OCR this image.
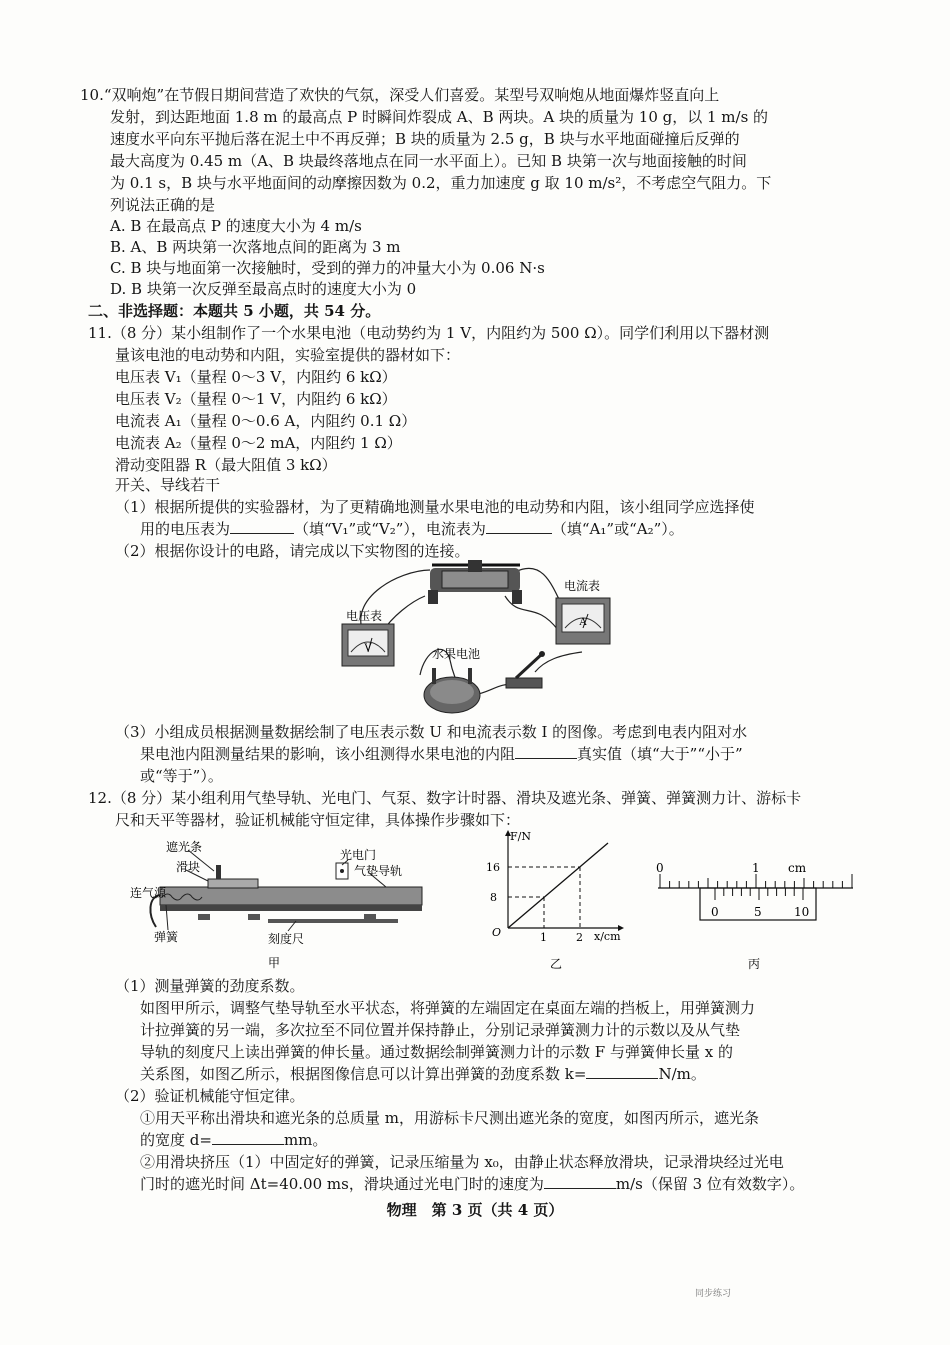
10.“双响炮”在节假日期间营造了欢快的气氛，深受人们喜爱。某型号双响炮从地面爆炸竖直向上
发射，到达距地面 1.8 m 的最高点 P 时瞬间炸裂成 A、B 两块。A 块的质量为 10 g，以 1 m/s 的
速度水平向东平抛后落在泥土中不再反弹；B 块的质量为 2.5 g，B 块与水平地面碰撞后反弹的
最大高度为 0.45 m（A、B 块最终落地点在同一水平面上）。已知 B 块第一次与地面接触的时间
为 0.1 s，B 块与水平地面间的动摩擦因数为 0.2，重力加速度 g 取 10 m/s²，不考虑空气阻力。下
列说法正确的是
A. B 在最高点 P 的速度大小为 4 m/s
B. A、B 两块第一次落地点间的距离为 3 m
C. B 块与地面第一次接触时，受到的弹力的冲量大小为 0.06 N·s
D. B 块第一次反弹至最高点时的速度大小为 0
二、非选择题：本题共 5 小题，共 54 分。
11.（8 分）某小组制作了一个水果电池（电动势约为 1 V，内阻约为 500 Ω）。同学们利用以下器材测
量该电池的电动势和内阻，实验室提供的器材如下：
电压表 V₁（量程 0～3 V，内阻约 6 kΩ）
电压表 V₂（量程 0～1 V，内阻约 6 kΩ）
电流表 A₁（量程 0～0.6 A，内阻约 0.1 Ω）
电流表 A₂（量程 0～2 mA，内阻约 1 Ω）
滑动变阻器 R（最大阻值 3 kΩ）
开关、导线若干
（1）根据所提供的实验器材，为了更精确地测量水果电池的电动势和内阻，该小组同学应选择使
用的电压表为	（填“V₁”或“V₂”），电流表为	（填“A₁”或“A₂”）。
（2）根据你设计的电路，请完成以下实物图的连接。
V
电压表	A
电流表
水果电池
（3）小组成员根据测量数据绘制了电压表示数 U 和电流表示数 I 的图像。考虑到电表内阻对水
果电池内阻测量结果的影响，该小组测得水果电池的内阻	真实值（填“大于”“小于”
或“等于”）。
12.（8 分）某小组利用气垫导轨、光电门、气泵、数字计时器、滑块及遮光条、弹簧、弹簧测力计、游标卡
尺和天平等器材，验证机械能守恒定律，具体操作步骤如下：
遮光条
滑块
光电门
气垫导轨
连气源
弹簧	刻度尺
甲
F/N
x/cm
O
8
16
1	2
乙
0	1 cm
0	5	10
丙
（1）测量弹簧的劲度系数。
如图甲所示，调整气垫导轨至水平状态，将弹簧的左端固定在桌面左端的挡板上，用弹簧测力
计拉弹簧的另一端，多次拉至不同位置并保持静止，分别记录弹簧测力计的示数以及从气垫
导轨的刻度尺上读出弹簧的伸长量。通过数据绘制弹簧测力计的示数 F 与弹簧伸长量 x 的
关系图，如图乙所示，根据图像信息可以计算出弹簧的劲度系数 k=	N/m。
（2）验证机械能守恒定律。
①用天平称出滑块和遮光条的总质量 m，用游标卡尺测出遮光条的宽度，如图丙所示，遮光条
的宽度 d=	mm。
②用滑块挤压（1）中固定好的弹簧，记录压缩量为 x₀，由静止状态释放滑块，记录滑块经过光电
门时的遮光时间 Δt=40.00 ms，滑块通过光电门时的速度为	m/s（保留 3 位有效数字）。
物理　第 3 页（共 4 页）
同步练习
